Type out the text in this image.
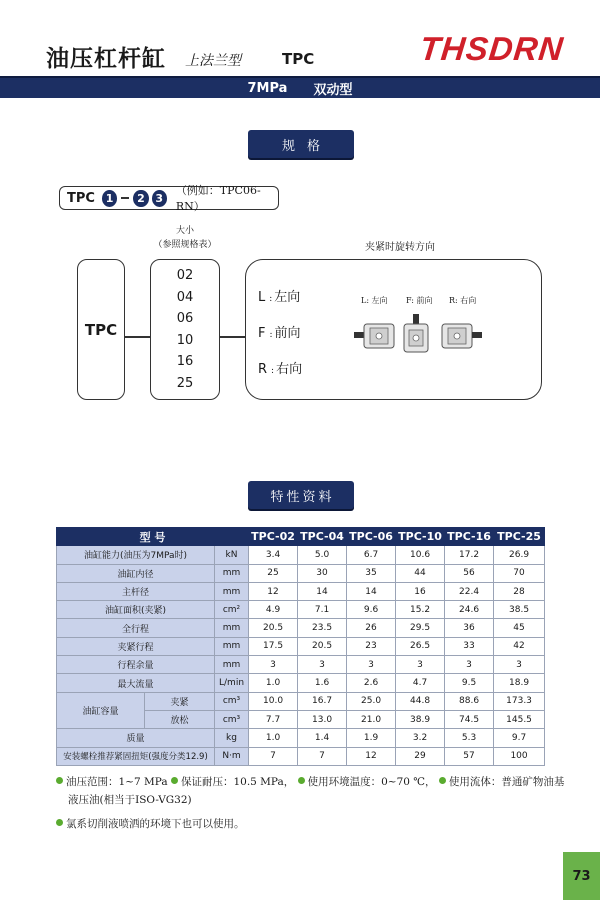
油压杠杆缸 上法兰型	TPC	THSDRN
7MPa 双动型
规格
TPC 1	2 3
（例如：TPC06-RN）
大小
（参照规格表）	夹紧时旋转方向
TPC
02
04
06
10
16
25
L : 左向
F : 前向
R : 右向
L: 左向 F: 前向 R: 右向
特性资料
型 号			TPC-02	TPC-04	TPC-06	TPC-10	TPC-16	TPC-25
油缸能力(油压为7MPa时)		kN	3.4	5.0	6.7	10.6	17.2	26.9
油缸内径		mm	25	30	35	44	56	70
主杆径		mm	12	14	14	16	22.4	28
油缸面积(夹紧)		cm²	4.9	7.1	9.6	15.2	24.6	38.5
全行程		mm	20.5	23.5	26	29.5	36	45
夹紧行程		mm	17.5	20.5	23	26.5	33	42
行程余量		mm	3	3	3	3	3	3
最大流量		L/min	1.0	1.6	2.6	4.7	9.5	18.9
油缸容量	夹紧	cm³	10.0	16.7	25.0	44.8	88.6	173.3
	放松	cm³	7.7	13.0	21.0	38.9	74.5	145.5
质量		kg	1.0	1.4	1.9	3.2	5.3	9.7
安装螺栓推荐紧固扭矩(强度分类12.9)		N·m	7	7	12	29	57	100
油压范围：1~7 MPa 保证耐压：10.5 MPa， 使用环境温度：0~70 ℃， 使用流体：普通矿物油基
液压油(相当于ISO-VG32)
氯系切削液喷洒的环境下也可以使用。
73
